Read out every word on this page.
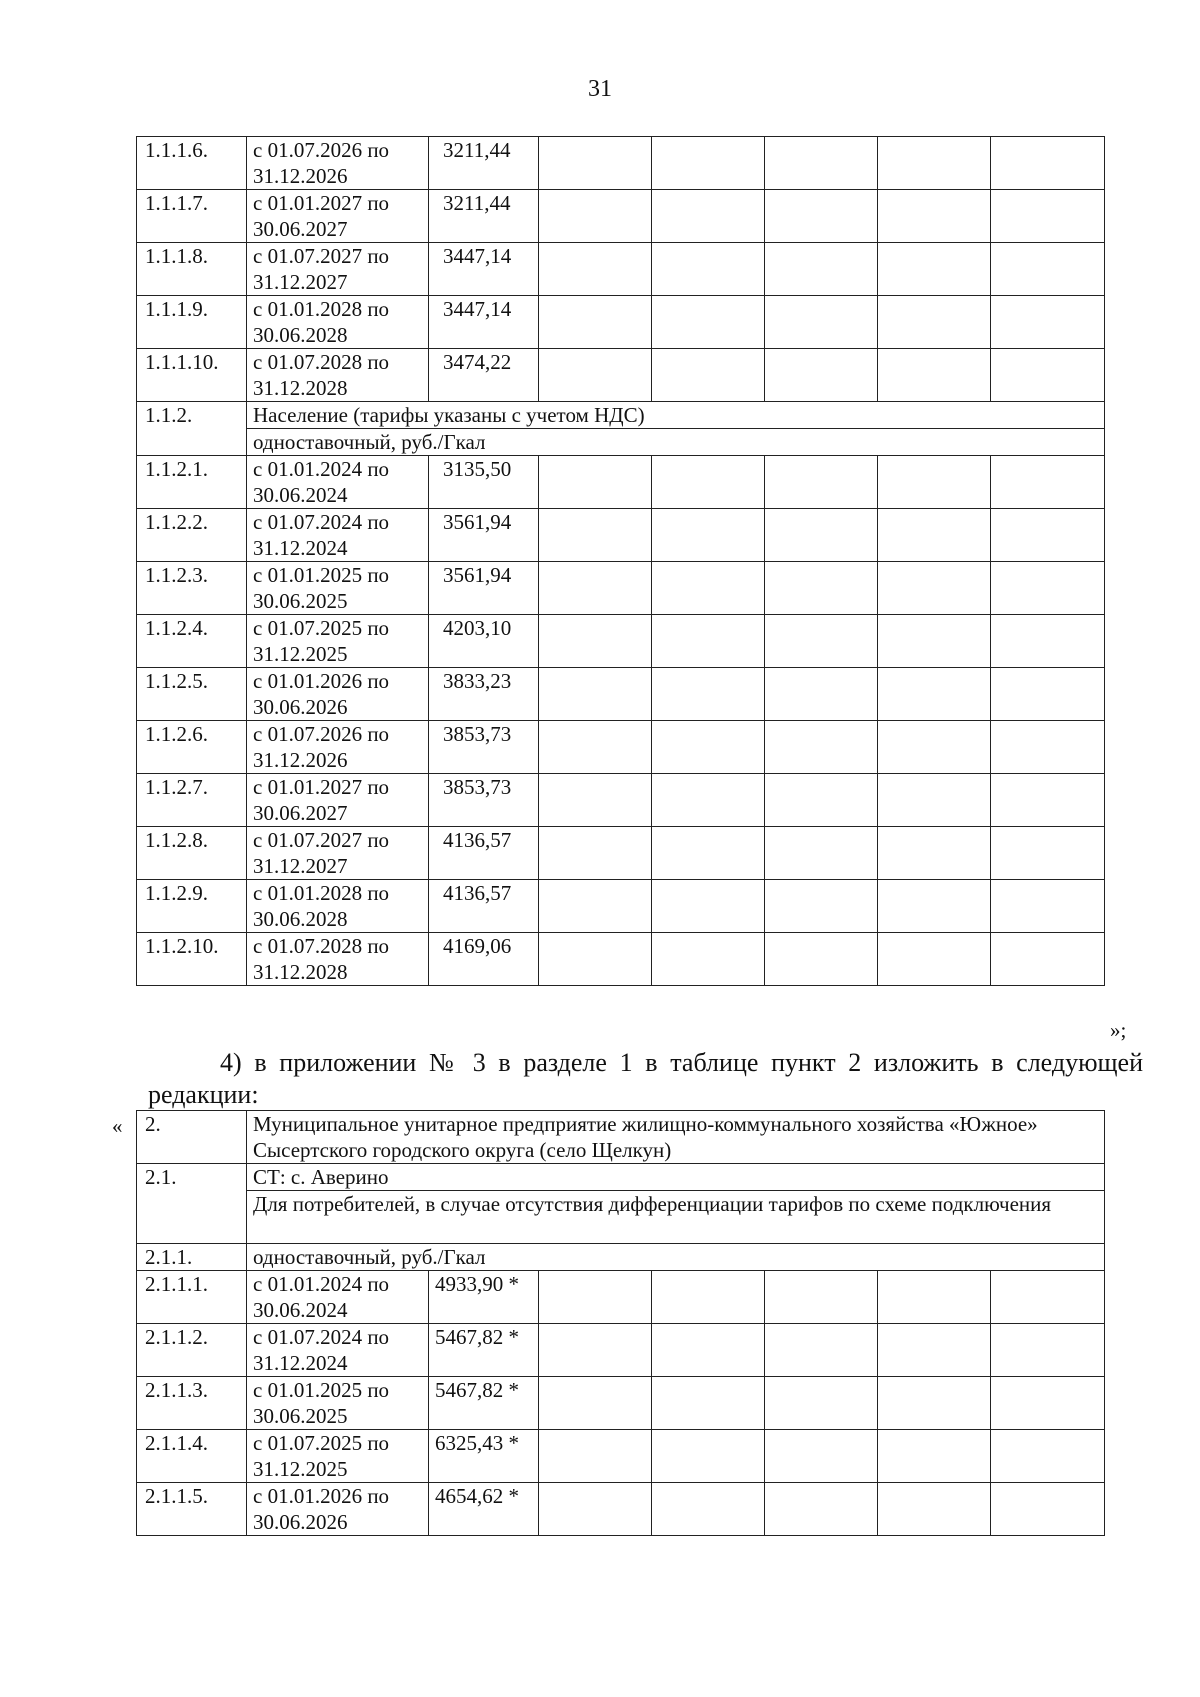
31
1.1.1.6.	с 01.07.2026 по 31.12.2026	3211,44					
1.1.1.7.	с 01.01.2027 по 30.06.2027	3211,44					
1.1.1.8.	с 01.07.2027 по 31.12.2027	3447,14					
1.1.1.9.	с 01.01.2028 по 30.06.2028	3447,14					
1.1.1.10.	с 01.07.2028 по 31.12.2028	3474,22					
1.1.2.	Население (тарифы указаны с учетом НДС)						
	одноставочный, руб./Гкал						
1.1.2.1.	с 01.01.2024 по 30.06.2024	3135,50					
1.1.2.2.	с 01.07.2024 по 31.12.2024	3561,94					
1.1.2.3.	с 01.01.2025 по 30.06.2025	3561,94					
1.1.2.4.	с 01.07.2025 по 31.12.2025	4203,10					
1.1.2.5.	с 01.01.2026 по 30.06.2026	3833,23					
1.1.2.6.	с 01.07.2026 по 31.12.2026	3853,73					
1.1.2.7.	с 01.01.2027 по 30.06.2027	3853,73					
1.1.2.8.	с 01.07.2027 по 31.12.2027	4136,57					
1.1.2.9.	с 01.01.2028 по 30.06.2028	4136,57					
1.1.2.10.	с 01.07.2028 по 31.12.2028	4169,06					
»;
4) в приложении № 3 в разделе 1 в таблице пункт 2 изложить в следующей редакции:
« 2.	Муниципальное унитарное предприятие жилищно-коммунального хозяйства «Южное» Сысертского городского округа (село Щелкун)						
2.1.	СТ: с. Аверино						
	Для потребителей, в случае отсутствия дифференциации тарифов по схеме подключения						
2.1.1.	одноставочный, руб./Гкал						
2.1.1.1.	с 01.01.2024 по 30.06.2024	4933,90 *					
2.1.1.2.	с 01.07.2024 по 31.12.2024	5467,82 *					
2.1.1.3.	с 01.01.2025 по 30.06.2025	5467,82 *					
2.1.1.4.	с 01.07.2025 по 31.12.2025	6325,43 *					
2.1.1.5.	с 01.01.2026 по 30.06.2026	4654,62 *					
